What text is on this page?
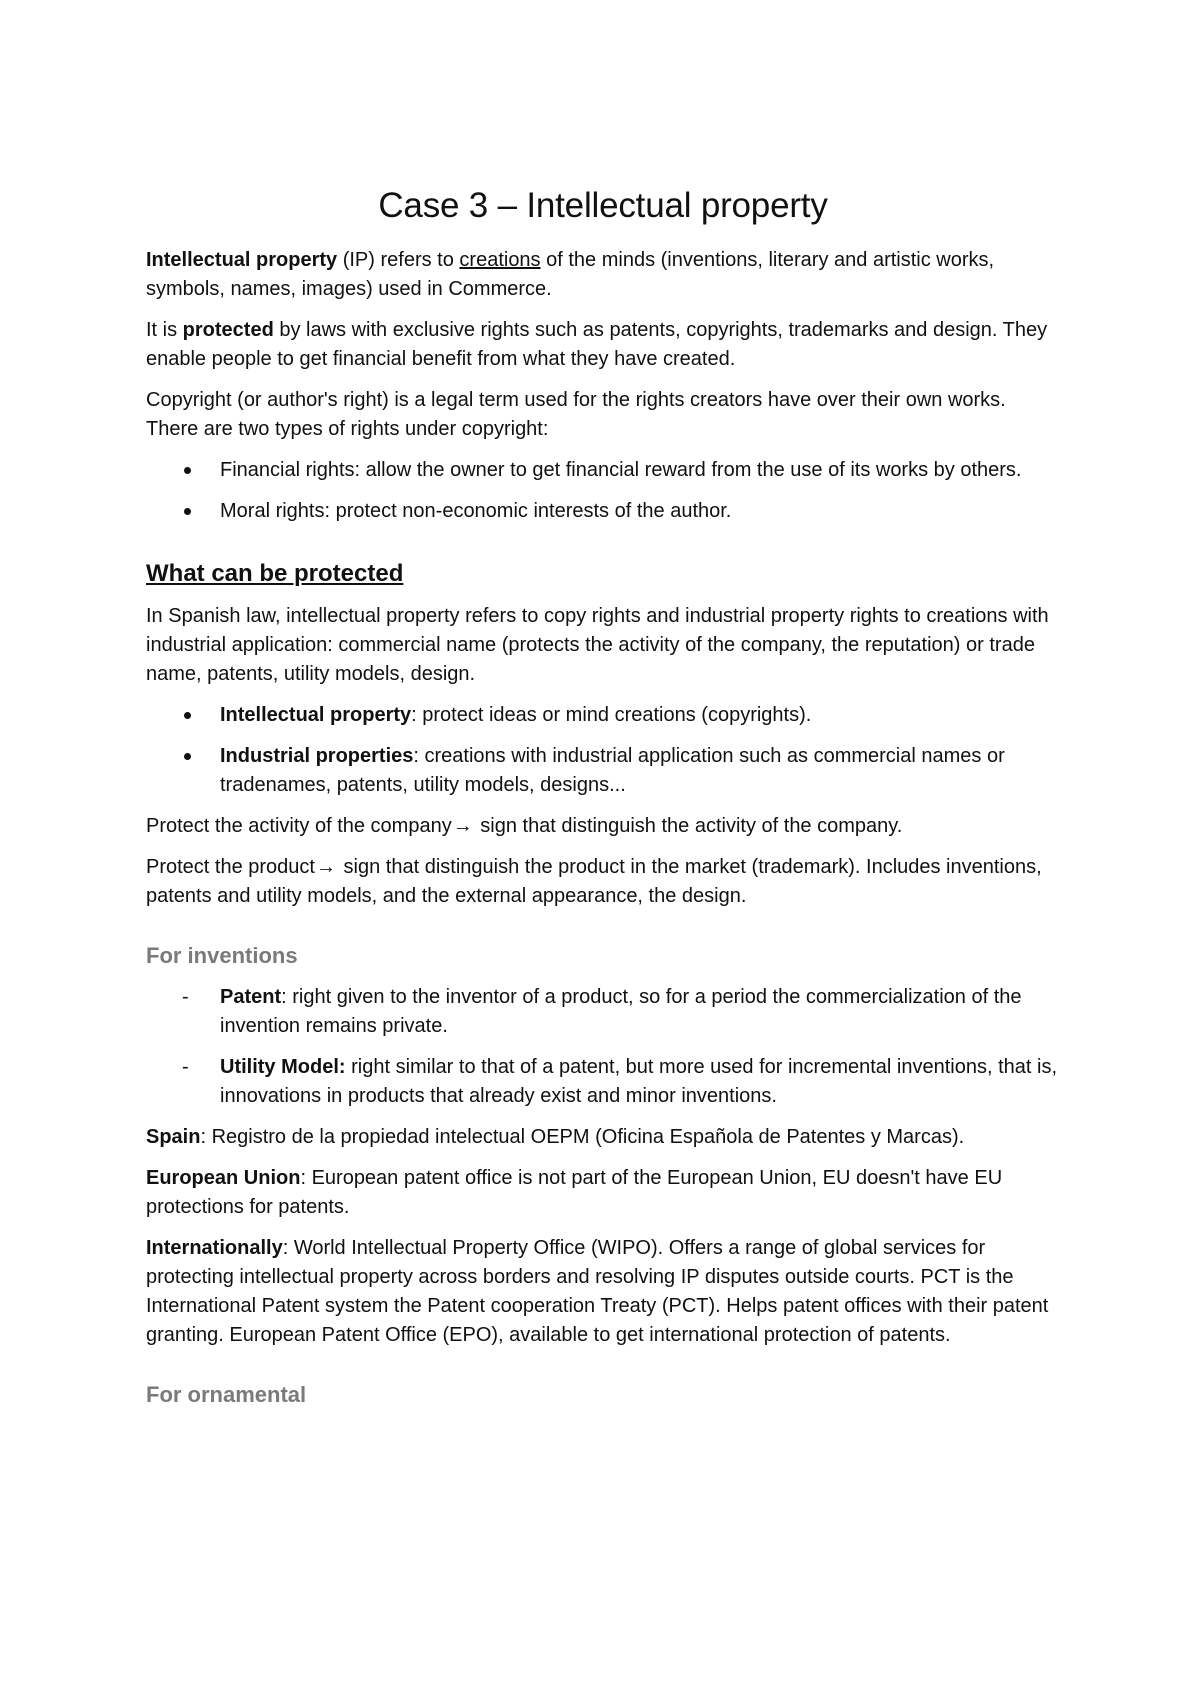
Case 3 – Intellectual property

Intellectual property (IP) refers to creations of the minds (inventions, literary and artistic works, symbols, names, images) used in Commerce.

It is protected by laws with exclusive rights such as patents, copyrights, trademarks and design. They enable people to get financial benefit from what they have created.

Copyright (or author's right) is a legal term used for the rights creators have over their own works. There are two types of rights under copyright:

Financial rights: allow the owner to get financial reward from the use of its works by others.
Moral rights: protect non-economic interests of the author.
What can be protected

In Spanish law, intellectual property refers to copy rights and industrial property rights to creations with industrial application: commercial name (protects the activity of the company, the reputation) or trade name, patents, utility models, design.

Intellectual property: protect ideas or mind creations (copyrights).
Industrial properties: creations with industrial application such as commercial names or tradenames, patents, utility models, designs...

Protect the activity of the company→ sign that distinguish the activity of the company.

Protect the product→ sign that distinguish the product in the market (trademark). Includes inventions, patents and utility models, and the external appearance, the design.

For inventions
-	Patent: right given to the inventor of a product, so for a period the commercialization of the invention remains private.
-	Utility Model: right similar to that of a patent, but more used for incremental inventions, that is, innovations in products that already exist and minor inventions.

Spain: Registro de la propiedad intelectual OEPM (Oficina Española de Patentes y Marcas).

European Union: European patent office is not part of the European Union, EU doesn't have EU protections for patents.

Internationally: World Intellectual Property Office (WIPO). Offers a range of global services for protecting intellectual property across borders and resolving IP disputes outside courts. PCT is the International Patent system the Patent cooperation Treaty (PCT). Helps patent offices with their patent granting. European Patent Office (EPO), available to get international protection of patents.

For ornamental
